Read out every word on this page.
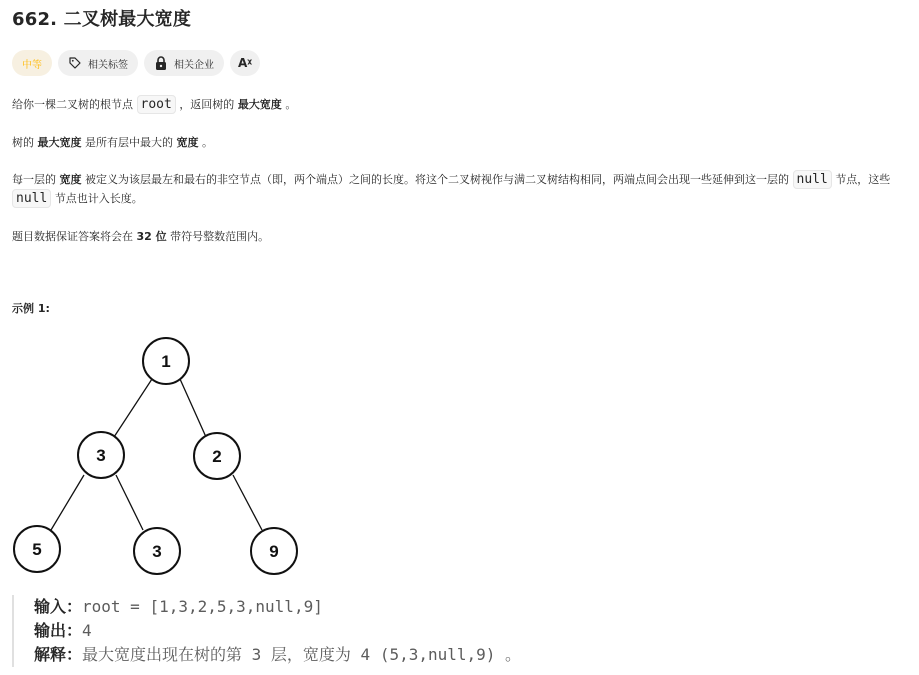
662. 二叉树最大宽度
中等	相关标签	相关企业 Aᵡ
给你一棵二叉树的根节点 root ，返回树的 最大宽度 。
树的 最大宽度 是所有层中最大的 宽度 。
每一层的 宽度 被定义为该层最左和最右的非空节点（即，两个端点）之间的长度。将这个二叉树视作与满二叉树结构相同，两端点间会出现一些延伸到这一层的 null 节点，这些 null 节点也计入长度。
题目数据保证答案将会在 32 位 带符号整数范围内。
示例 1:
1
3	2
5	3	9
输入：root = [1,3,2,5,3,null,9]
输出：4
解释：最大宽度出现在树的第 3 层，宽度为 4 (5,3,null,9) 。
